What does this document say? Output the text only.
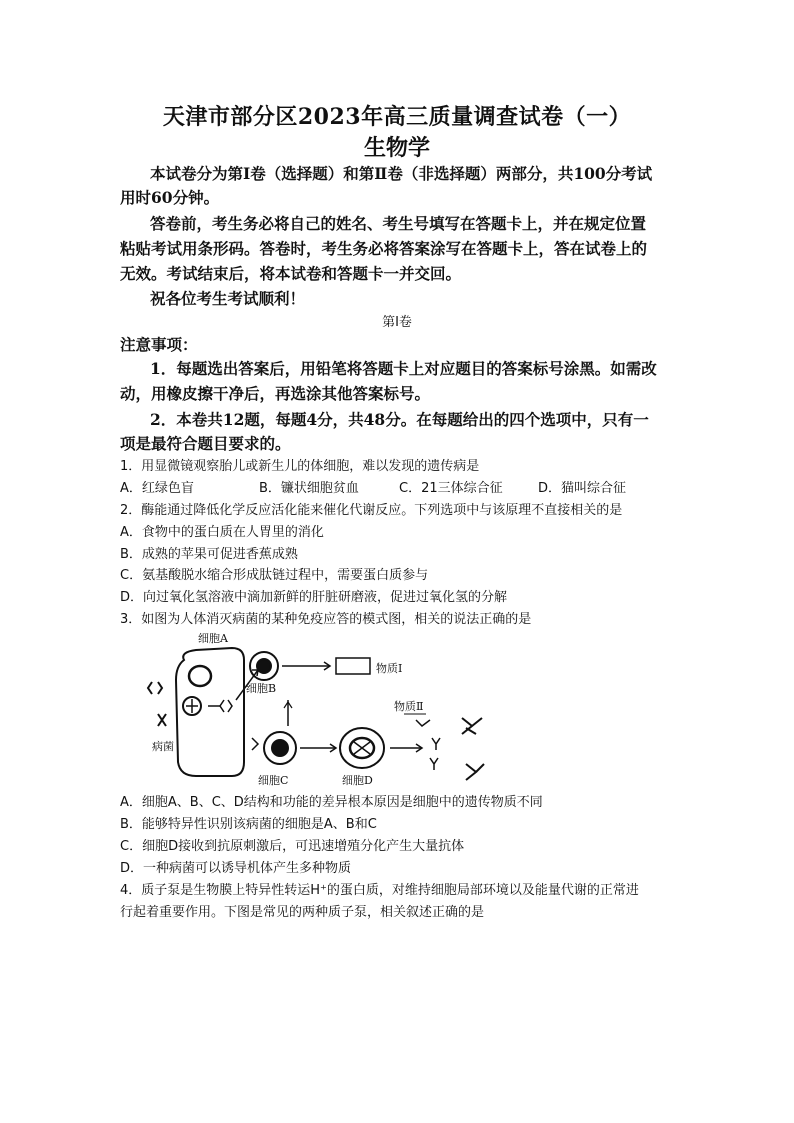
天津市部分区2023年高三质量调查试卷（一）
生物学
本试卷分为第Ⅰ卷（选择题）和第Ⅱ卷（非选择题）两部分，共100分考试
用时60分钟。
答卷前，考生务必将自己的姓名、考生号填写在答题卡上，并在规定位置
粘贴考试用条形码。答卷时，考生务必将答案涂写在答题卡上，答在试卷上的
无效。考试结束后，将本试卷和答题卡一并交回。
祝各位考生考试顺利！
第Ⅰ卷
注意事项：
1．每题选出答案后，用铅笔将答题卡上对应题目的答案标号涂黑。如需改
动，用橡皮擦干净后，再选涂其他答案标号。
2．本卷共12题，每题4分，共48分。在每题给出的四个选项中，只有一
项是最符合题目要求的。
1．用显微镜观察胎儿或新生儿的体细胞，难以发现的遗传病是
A．红绿色盲	B．镰状细胞贫血	C．21三体综合征	D．猫叫综合征
2．酶能通过降低化学反应活化能来催化代谢反应。下列选项中与该原理不直接相关的是
A．食物中的蛋白质在人胃里的消化
B．成熟的苹果可促进香蕉成熟
C．氨基酸脱水缩合形成肽链过程中，需要蛋白质参与
D．向过氧化氢溶液中滴加新鲜的肝脏研磨液，促进过氧化氢的分解
3．如图为人体消灭病菌的某种免疫应答的模式图，相关的说法正确的是
细胞A
细胞B
物质Ⅰ
物质Ⅱ
病菌
细胞C	细胞D
A．细胞A、B、C、D结构和功能的差异根本原因是细胞中的遗传物质不同
B．能够特异性识别该病菌的细胞是A、B和C
C．细胞D接收到抗原刺激后，可迅速增殖分化产生大量抗体
D．一种病菌可以诱导机体产生多种物质
4．质子泵是生物膜上特异性转运H⁺的蛋白质，对维持细胞局部环境以及能量代谢的正常进
行起着重要作用。下图是常见的两种质子泵，相关叙述正确的是
